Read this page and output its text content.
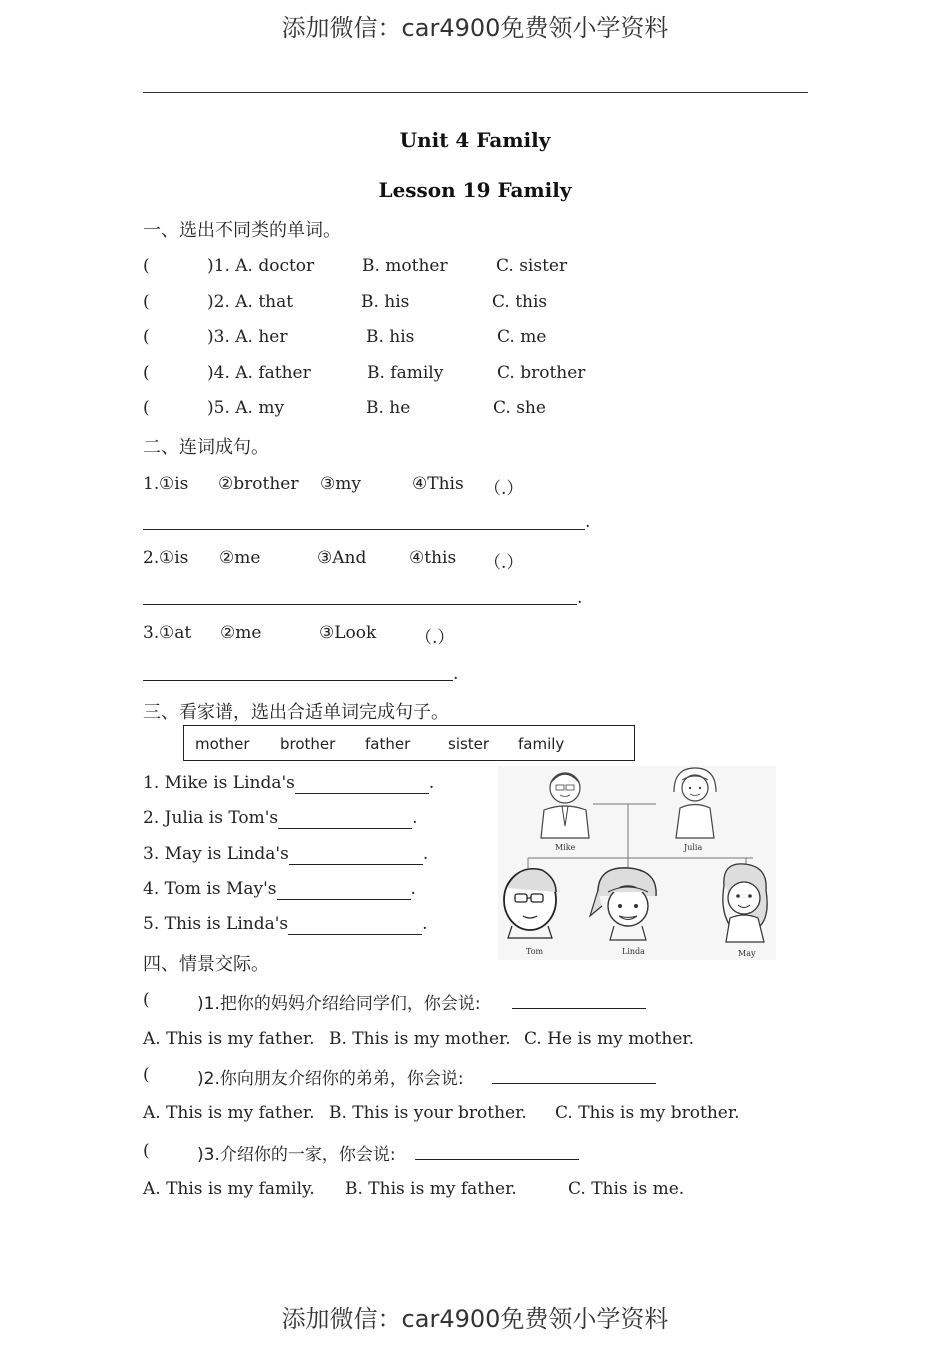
添加微信：car4900免费领小学资料
Unit 4 Family
Lesson 19 Family
一、选出不同类的单词。
(	)1. A. doctor	B. mother	C. sister
(	)2. A. that	B. his	C. this
(	)3. A. her	B. his	C. me
(	)4. A. father	B. family	C. brother
(	)5. A. my	B. he	C. she
二、连词成句。
1. ①is ②brother ③my	④This （.）
.
2. ①is ②me	③And	④this （.）
.
3. ①at ②me	③Look （.）
.
三、看家谱，选出合适单词完成句子。
mother brother father	sister family
1. Mike is Linda's	.
2. Julia is Tom's	.
3. May is Linda's	.
4. Tom is May's	.
5. This is Linda's	.
Mike	Julia
Tom	Linda	May
四、情景交际。
(	)1.把你的妈妈介绍给同学们，你会说:
A. This is my father. B. This is my mother. C. He is my mother.
(	)2.你向朋友介绍你的弟弟，你会说:
A. This is my father. B. This is your brother. C. This is my brother.
(	)3.介绍你的一家，你会说:
A. This is my family. B. This is my father.	C. This is me.
添加微信：car4900免费领小学资料
